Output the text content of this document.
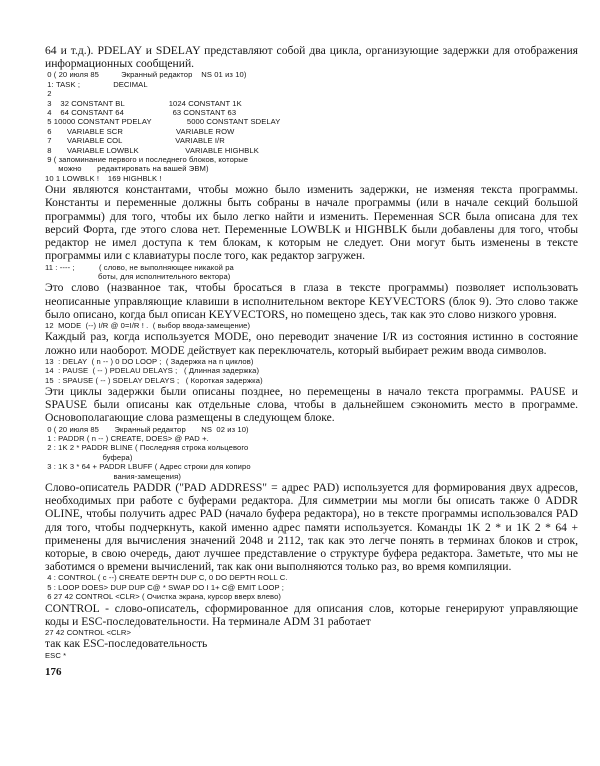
64 и т.д.). PDELAY и SDELAY представляют собой два цикла, организующие задержки для отображения информационных сообщений.

0 ( 20 июля 85          Экранный редактор    NS 01 из 10)
1: TASK ;               DECIMAL
2
3    32 CONSTANT BL                    1024 CONSTANT 1K
4    64 CONSTANT 64                      63 CONSTANT 63
5 10000 CONSTANT PDELAY                5000 CONSTANT SDELAY
6       VARIABLE SCR                        VARIABLE ROW
7       VARIABLE COL                        VARIABLE I/R
8       VARIABLE LOWBLK                     VARIABLE HIGHBLK
9 ( запоминание первого и последнего блоков, которые
можно       редактировать на вашей ЭВМ)
10 1 LOWBLK !    169 HIGHBLK !

Они являются константами, чтобы можно было изменить задержки, не изменяя текста программы. Константы и переменные должны быть собраны в начале программы (или в начале секций большой программы) для того, чтобы их было легко найти и изменить. Переменная SCR была описана для тех версий Форта, где этого слова нет. Переменные LOWBLK и HIGHBLK были добавлены для того, чтобы редактор не имел доступа к тем блокам, к которым не следует. Они могут быть изменены в тексте программы или с клавиатуры после того, как редактор загружен.

11 : ---- ;           ( слово, не выполняющее никакой ра
боты, для исполнительного вектора)

Это слово (названное так, чтобы бросаться в глаза в тексте программы) позволяет использовать неописанные управляющие клавиши в исполнительном векторе KEYVECTORS (блок 9). Это слово также было описано, когда был описан KEYVECTORS, но помещено здесь, так как это слово низкого уровня.

12  MODE  (--) I/R @ 0=I/R ! .  ( выбор ввода-замещение)

Каждый раз, когда используется MODE, оно переводит значение I/R из состояния истинно в состояние ложно или наоборот. MODE действует как переключатель, который выбирает режим ввода символов.

13  : DELAY  ( n -- ) 0 DO LOOP ;  ( Задержка на n циклов)
14  : PAUSE  ( -- ) PDELAU DELAYS ;   ( Длинная задержка)
15  : SPAUSE ( -- ) SDELAY DELAYS ;   ( Короткая задержка)

Эти циклы задержки были описаны позднее, но перемещены в начало текста программы. PAUSE и SPAUSE были описаны как отдельные слова, чтобы в дальнейшем сэкономить место в программе. Основополагающие слова размещены в следующем блоке.

0 ( 20 июля 85       Экранный редактор       NS  02 из 10)
1 : PADDR ( n -- ) CREATE, DOES> @ PAD +.
2 : 1K 2 * PADDR BLINE ( Последняя строка кольцевого
буфера)
3 : 1K 3 * 64 + PADDR LBUFF ( Адрес строки для копиро
вания-замещения)

Слово-описатель PADDR ("PAD ADDRESS" = адрес PAD) используется для формирования двух адресов, необходимых при работе с буферами редактора. Для симметрии мы могли бы описать также 0 ADDR OLINE, чтобы получить адрес PAD (начало буфера редактора), но в тексте программы использовался PAD для того, чтобы подчеркнуть, какой именно адрес памяти используется. Команды 1K 2 * и 1K 2 * 64 + применены для вычисления значений 2048 и 2112, так как это легче понять в терминах блоков и строк, которые, в свою очередь, дают лучшее представление о структуре буфера редактора. Заметьте, что мы не заботимся о времени вычислений, так как они выполняются только раз, во время компиляции.

4 : CONTROL ( c --) CREATE DEPTH DUP C, 0 DO DEPTH ROLL C.
5 : LOOP DOES> DUP DUP C@ * SWAP DO I 1+ C@ EMIT LOOP ;
6 27 42 CONTROL <CLR> ( Очистка экрана, курсор вверх влево)

CONTROL - слово-описатель, сформированное для описания слов, которые генерируют управляющие коды и ESC-последовательности. На терминале ADM 31 работает

27 42 CONTROL <CLR>

так как ESC-последовательность

ESC *
176
